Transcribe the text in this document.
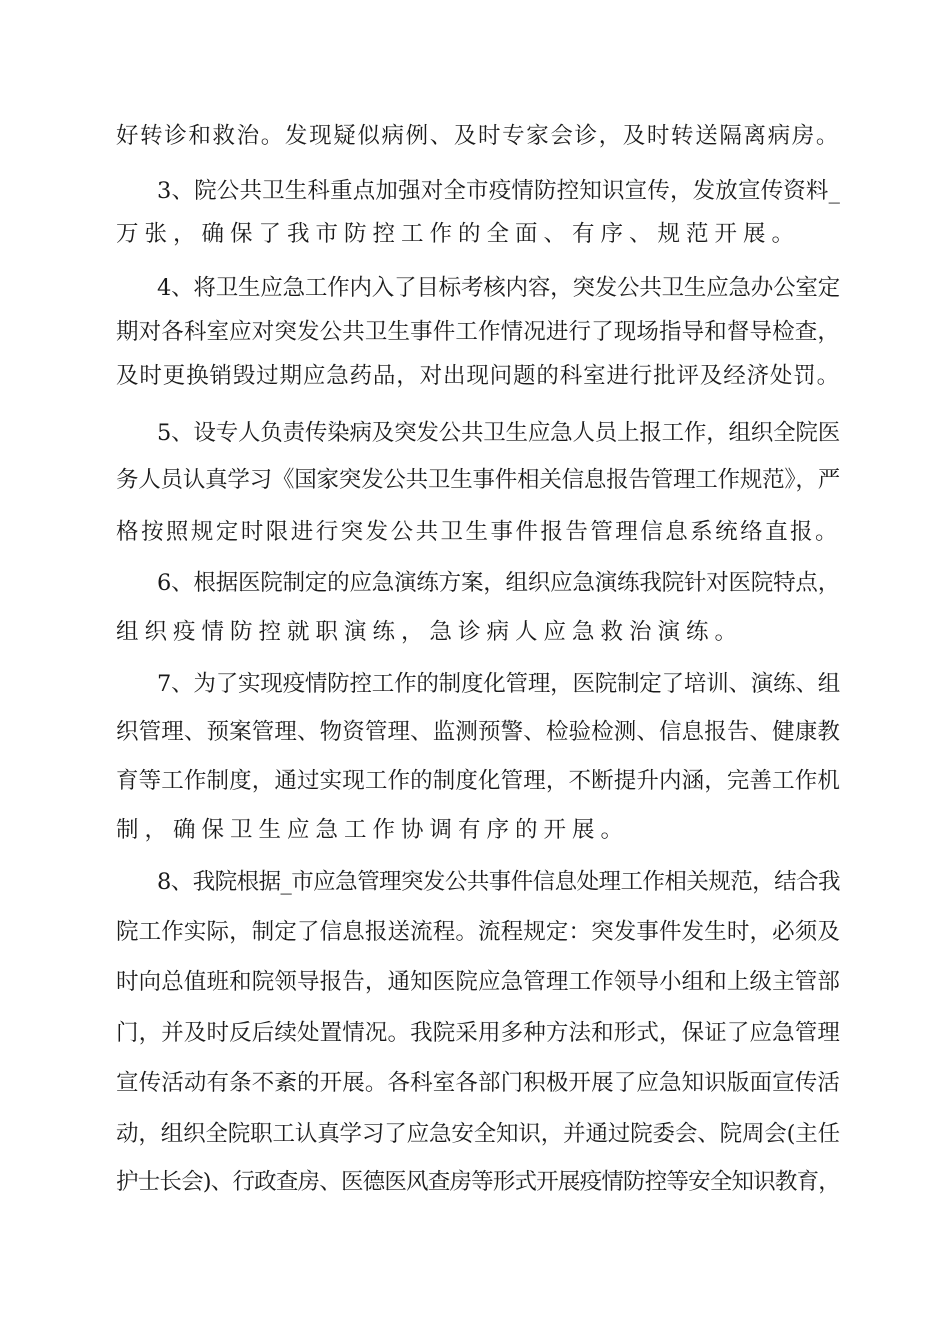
好转诊和救治。发现疑似病例、及时专家会诊，及时转送隔离病房。
3、院公共卫生科重点加强对全市疫情防控知识宣传，发放宣传资料_
万张，确保了我市防控工作的全面、有序、规范开展。
4、将卫生应急工作内入了目标考核内容，突发公共卫生应急办公室定
期对各科室应对突发公共卫生事件工作情况进行了现场指导和督导检查，
及时更换销毁过期应急药品，对出现问题的科室进行批评及经济处罚。
5、设专人负责传染病及突发公共卫生应急人员上报工作，组织全院医
务人员认真学习《国家突发公共卫生事件相关信息报告管理工作规范》，严
格按照规定时限进行突发公共卫生事件报告管理信息系统络直报。
6、根据医院制定的应急演练方案，组织应急演练我院针对医院特点，
组织疫情防控就职演练，急诊病人应急救治演练。
7、为了实现疫情防控工作的制度化管理，医院制定了培训、演练、组
织管理、预案管理、物资管理、监测预警、检验检测、信息报告、健康教
育等工作制度，通过实现工作的制度化管理，不断提升内涵，完善工作机
制，确保卫生应急工作协调有序的开展。
8、我院根据_市应急管理突发公共事件信息处理工作相关规范，结合我
院工作实际，制定了信息报送流程。流程规定：突发事件发生时，必须及
时向总值班和院领导报告，通知医院应急管理工作领导小组和上级主管部
门，并及时反后续处置情况。我院采用多种方法和形式，保证了应急管理
宣传活动有条不紊的开展。各科室各部门积极开展了应急知识版面宣传活
动，组织全院职工认真学习了应急安全知识，并通过院委会、院周会(主任
护士长会)、行政查房、医德医风查房等形式开展疫情防控等安全知识教育，
